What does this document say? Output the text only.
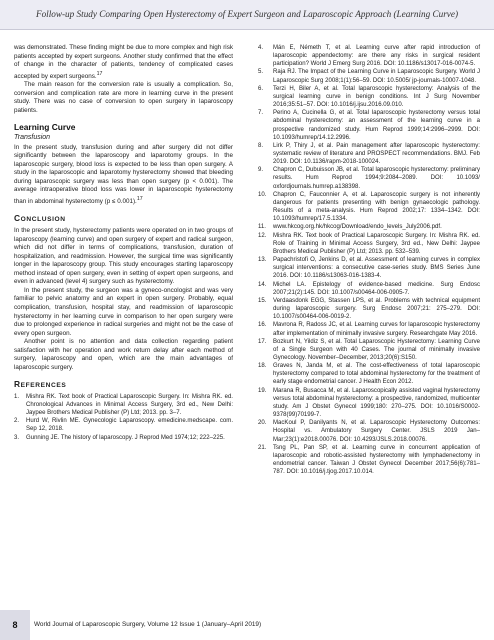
Follow-up Study Comparing Open Hysterectomy of Expert Surgeon and Laparoscopic Approach (Learning Curve)

was demonstrated. These finding might be due to more complex and high risk patients accepted by expert surgeons. Another study confirmed that the effect of change in the character of patients, tendency of complicated cases accepted by expert surgeons.$^{17}$

The main reason for the conversion rate is usually a complication. So, conversion and complication rate are more in learning curve in the present study. There was no case of conversion to open surgery in laparoscopy patients.

Learning Curve
Transfusion

In the present study, transfusion during and after surgery did not differ significantly between the laparoscopy and laparotomy groups. In the laparoscopic surgery, blood loss is expected to be less than open surgery. A study in the laparoscopic and laparotomy hysterectomy showed that bleeding during laparoscopic surgery was less than open surgery (p < 0.001). The average intraoperative blood loss was lower in laparoscopic hysterectomy than in abdominal hysterectomy (p ≤ 0.001).$^{17}$

CONCLUSION

In the present study, hysterectomy patients were operated on in two groups of laparoscopy (learning curve) and open surgery of expert and radical surgeon, which did not differ in terms of complications, transfusion, duration of hospitalization, and readmission. However, the surgical time was significantly longer in the laparoscopy group. This study encourages starting laparoscopy method instead of open surgery, even in setting of expert open surgeons, and even in advanced (level 4) surgery such as hysterectomy.

In the present study, the surgeon was a gyneco-oncologist and was very familiar to pelvic anatomy and an expert in open surgery. Probably, equal complication, transfusion, hospital stay, and readmission of laparoscopic hysterectomy in her learning curve in comparison to her open surgery were due to prolonged experience in radical surgeries and might not be the case of every open surgeon.

Another point is no attention and data collection regarding patient satisfaction with her operation and work return delay after each method of surgery, laparoscopy and open, which are the main advantages of laparoscopic surgery.

REFERENCES
1. Mishra RK. Text book of Practical Laparoscopic Surgery. In: Mishra RK. ed. Chronological Advances in Minimal Access Surgery, 3rd ed., New Delhi: Jaypee Brothers Medical Publisher (P) Ltd; 2013. pp. 3–7.
2. Hurd W, Rivlin ME. Gynecologic Laparoscopy. emedicine.medscape. com. Sep 12, 2018.
3. Gunning JE. The history of laparoscopy. J Reprod Med 1974;12; 222–225.
4. Mán E, Németh T, et al. Learning curve after rapid introduction of laparoscopic appendectomy: are there any risks in surgical resident participation? World J Emerg Surg 2016. DOI: 10.1186/s13017-016-0074-5.
5. Raja RJ. The Impact of the Learning Curve in Laparoscopic Surgery. World J Laparoscopic Surg 2008;1(1):56–59. DOI: 10.5005/ jp-journals-10007-1048.
6. Terzi H, Biler A, et al. Total laparoscopic hysterectomy: Analysis of the surgical learning curve in benign conditions. Int J Surg November 2016;35:51–57. DOI: 10.1016/j.ijsu.2016.09.010.
7. Perino A, Cucinella G, et al. Total laparoscopic hysterectomy versus total abdominal hysterectomy: an assessment of the learning curve in a prospective randomized study. Hum Reprod 1999;14:2996–2999. DOI: 10.1093/humrep/14.12.2996.
8. Lirk P, Thiry J, et al. Pain management after laparoscopic hysterectomy: systematic review of literature and PROSPECT recommendations. BMJ. Feb 2019. DOI: 10.1136/rapm-2018-100024.
9. Chapron C, Dubuisson JB, et al. Total laparoscopic hysterectomy: preliminary results. Hum Reprod 1994;9:2084–2089. DOI: 10.1093/ oxfordjournals.humrep.a138398.
10. Chapron C, Fauconnier A, et al. Laparoscopic surgery is not inherently dangerous for patients presenting with benign gynaecologic pathology. Results of a meta-analysis. Hum Reprod 2002;17: 1334–1342. DOI: 10.1093/humrep/17.5.1334.
11. www.hkcog.org.hk/hkcog/Download/endo_levels_July2006.pdf.
12. Mishra RK. Text book of Practical Laparoscopic Surgery. In: Mishra RK. ed. Role of Training in Minimal Access Surgery, 3rd ed., New Delhi: Jaypee Brothers Medical Publisher (P) Ltd; 2013. pp. 532–539.
13. Papachristofi O, Jenkins D, et al. Assessment of learning curves in complex surgical interventions: a consecutive case-series study. BMS Series June 2016. DOI: 10.1186/s13063-016-1383-4.
14. Michel LA. Epistelogy of evidence-based medicine. Surg Endosc 2007;21(2):145. DOI: 10.1007/s00464-006-0905-7.
15. Verdaasdonk EGG, Stassen LPS, et al. Problems with technical equipment during laparoscopic surgery. Surg Endosc 2007;21: 275–279. DOI: 10.1007/s00464-006-0019-2.
16. Mavrona R, Radoss JC, et al. Learning curves for laparoscopic hysterectomy after implementation of minimally invasive surgery. Researchgate May 2016.
17. Bozkurt N, Yildiz S, et al. Total Laparoscopic Hysterectomy: Learning Curve of a Single Surgeon with 40 Cases. The journal of minimally invasive Gynecology. November–December, 2013;20(6):S150.
18. Graves N, Janda M, et al. The cost-effectiveness of total laparoscopic hysterectomy compared to total abdominal hysterectomy for the treatment of early stage endometrial cancer. J Health Econ 2012.
19. Marana R, Busacca M, et al. Laparoscopically assisted vaginal hysterectomy versus total abdominal hysterectomy: a prospective, randomized, multicenter study. Am J Obstet Gynecol 1999;180: 270–275. DOI: 10.1016/S0002-9378(99)70199-7.
20. MacKoul P, Danilyants N, et al. Laparoscopic Hysterectomy Outcomes: Hospital vs. Ambulatory Surgery Center. JSLS 2019 Jan–Mar;23(1):e2018.00076. DOI: 10.4293/JSLS.2018.00076.
21. Tsng PL, Pan SP, et al. Learning curve in concurrent application of laparoscopic and robotic-assisted hysterectomy with lymphadenectomy in endometrial cancer. Taiwan J Obstet Gynecol December 2017;56(6):781–787. DOI: 10.1016/j.tjog.2017.10.014.
8	World Journal of Laparoscopic Surgery, Volume 12 Issue 1 (January–April 2019)
